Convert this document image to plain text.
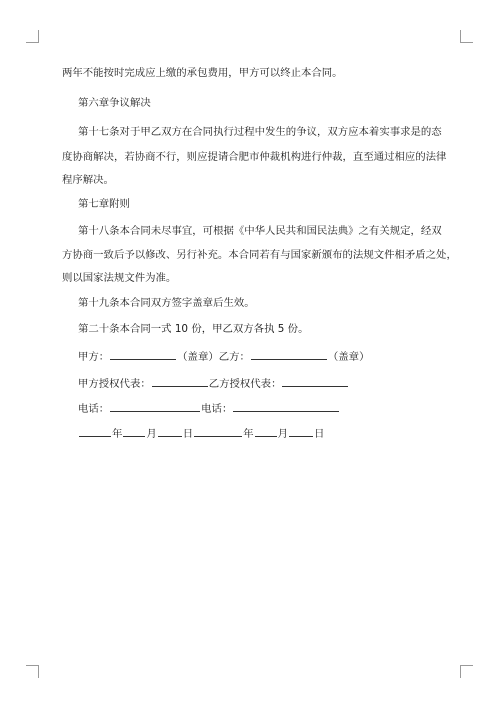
两年不能按时完成应上缴的承包费用，甲方可以终止本合同。
第六章争议解决
第十七条对于甲乙双方在合同执行过程中发生的争议，双方应本着实事求是的态
度协商解决，若协商不行，则应提请合肥市仲裁机构进行仲裁，直至通过相应的法律
程序解决。
第七章附则
第十八条本合同未尽事宜，可根据《中华人民共和国民法典》之有关规定，经双
方协商一致后予以修改、另行补充。本合同若有与国家新颁布的法规文件相矛盾之处，
则以国家法规文件为准。
第十九条本合同双方签字盖章后生效。
第二十条本合同一式 10 份，甲乙双方各执 5 份。
甲方：	（盖章）乙方：	（盖章）
甲方授权代表：	乙方授权代表：
电话：	电话：
年 月	日	年 月	日
